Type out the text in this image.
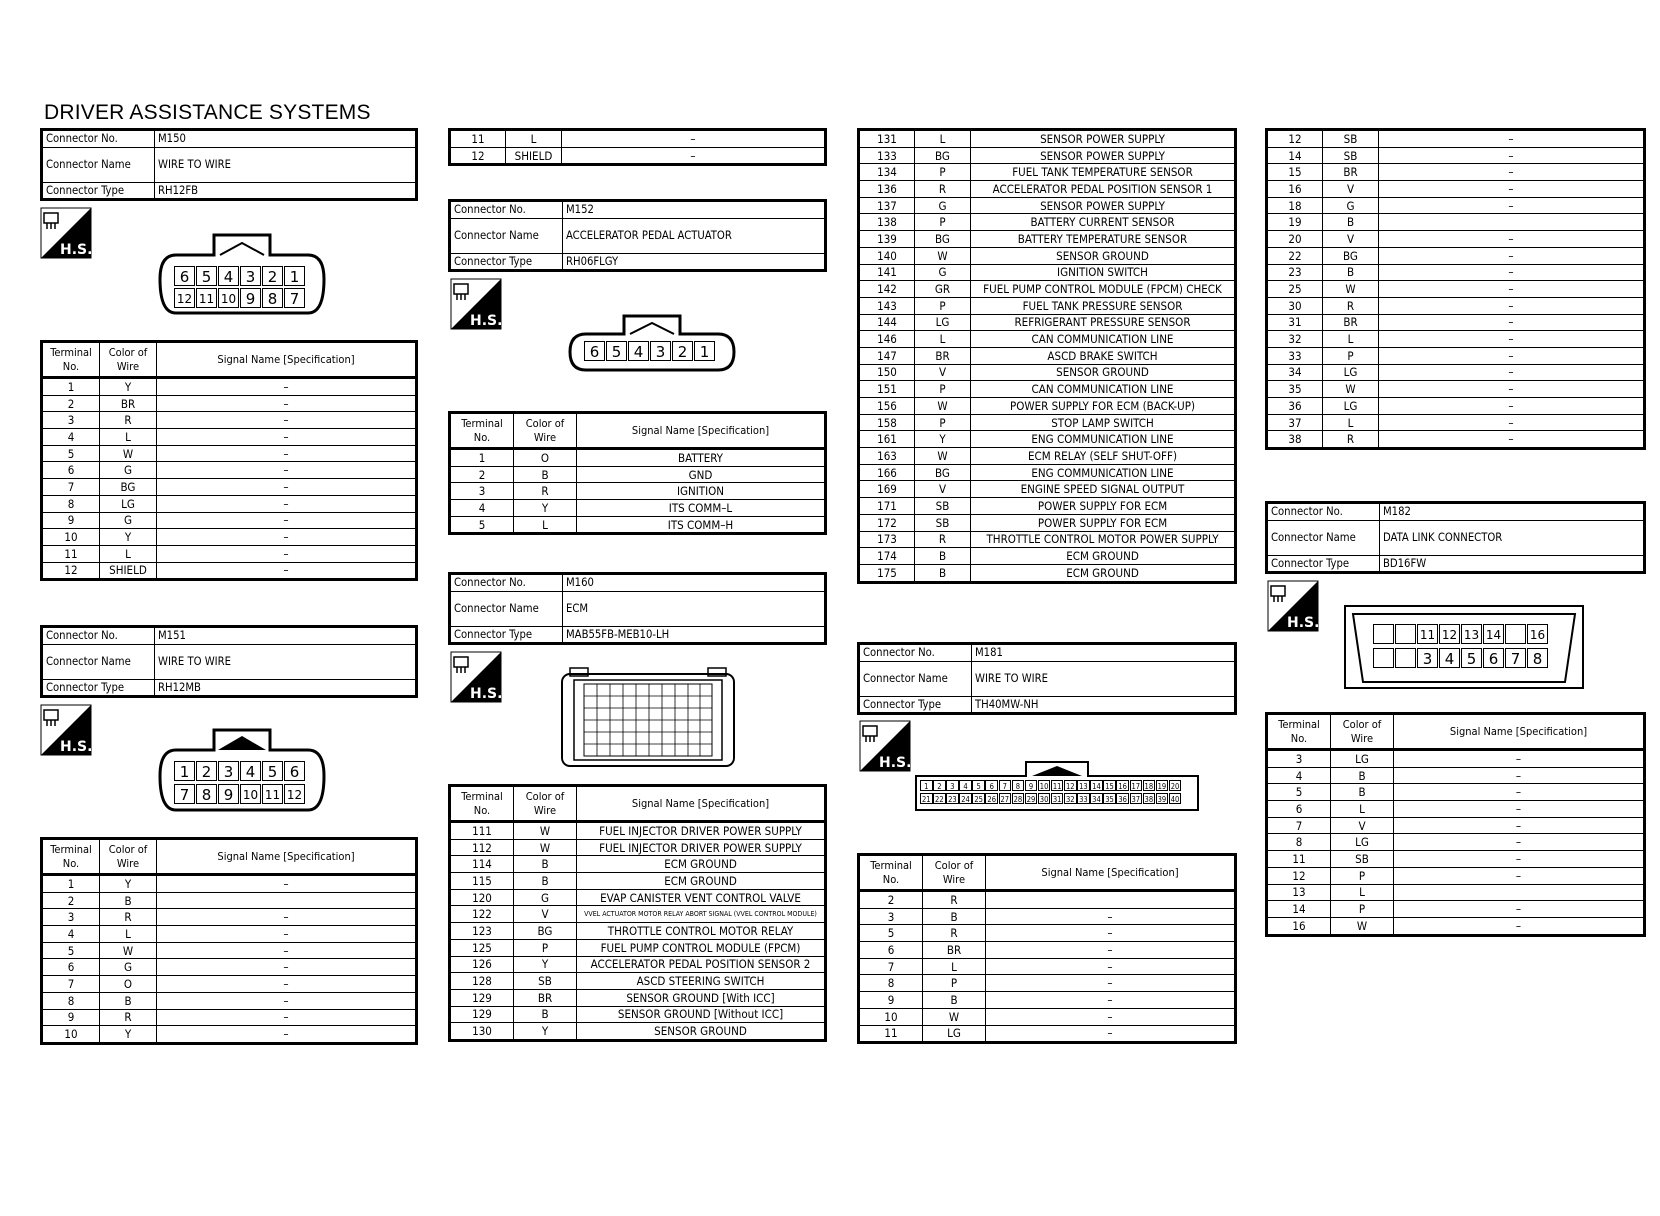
DRIVER ASSISTANCE SYSTEMS
Connector No.	M150
Connector Name	WIRE TO WIRE
Connector Type	RH12FB
H.S.
6 5 4 3 2 1
12 11 10 9 8 7
Terminal No.	Color of Wire	Signal Name [Specification]
1	Y	–
2	BR	–
3	R	–
4	L	–
5	W	–
6	G	–
7	BG	–
8	LG	–
9	G	–
10	Y	–
11	L	–
12	SHIELD	–
Connector No.	M151
Connector Name	WIRE TO WIRE
Connector Type	RH12MB
H.S.
1 2 3 4 5 6
7 8 9 10 11 12
Terminal No.	Color of Wire	Signal Name [Specification]
1	Y	–
2	B	
3	R	–
4	L	–
5	W	–
6	G	–
7	O	–
8	B	–
9	R	–
10	Y	–
11	L	–
12	SHIELD	–
Connector No.	M152
Connector Name	ACCELERATOR PEDAL ACTUATOR
Connector Type	RH06FLGY
H.S.
6 5 4 3 2 1
Terminal No.	Color of Wire	Signal Name [Specification]
1	O	BATTERY
2	B	GND
3	R	IGNITION
4	Y	ITS COMM–L
5	L	ITS COMM–H
Connector No.	M160
Connector Name	ECM
Connector Type	MAB55FB-MEB10-LH
H.S.
Terminal No.	Color of Wire	Signal Name [Specification]
111	W	FUEL INJECTOR DRIVER POWER SUPPLY
112	W	FUEL INJECTOR DRIVER POWER SUPPLY
114	B	ECM GROUND
115	B	ECM GROUND
120	G	EVAP CANISTER VENT CONTROL VALVE
122	V	VVEL ACTUATOR MOTOR RELAY ABORT SIGNAL (VVEL CONTROL MODULE)
123	BG	THROTTLE CONTROL MOTOR RELAY
125	P	FUEL PUMP CONTROL MODULE (FPCM)
126	Y	ACCELERATOR PEDAL POSITION SENSOR 2
128	SB	ASCD STEERING SWITCH
129	BR	SENSOR GROUND [With ICC]
129	B	SENSOR GROUND [Without ICC]
130	Y	SENSOR GROUND
131	L	SENSOR POWER SUPPLY
133	BG	SENSOR POWER SUPPLY
134	P	FUEL TANK TEMPERATURE SENSOR
136	R	ACCELERATOR PEDAL POSITION SENSOR 1
137	G	SENSOR POWER SUPPLY
138	P	BATTERY CURRENT SENSOR
139	BG	BATTERY TEMPERATURE SENSOR
140	W	SENSOR GROUND
141	G	IGNITION SWITCH
142	GR	FUEL PUMP CONTROL MODULE (FPCM) CHECK
143	P	FUEL TANK PRESSURE SENSOR
144	LG	REFRIGERANT PRESSURE SENSOR
146	L	CAN COMMUNICATION LINE
147	BR	ASCD BRAKE SWITCH
150	V	SENSOR GROUND
151	P	CAN COMMUNICATION LINE
156	W	POWER SUPPLY FOR ECM (BACK-UP)
158	P	STOP LAMP SWITCH
161	Y	ENG COMMUNICATION LINE
163	W	ECM RELAY (SELF SHUT-OFF)
166	BG	ENG COMMUNICATION LINE
169	V	ENGINE SPEED SIGNAL OUTPUT
171	SB	POWER SUPPLY FOR ECM
172	SB	POWER SUPPLY FOR ECM
173	R	THROTTLE CONTROL MOTOR POWER SUPPLY
174	B	ECM GROUND
175	B	ECM GROUND
Connector No.	M181
Connector Name	WIRE TO WIRE
Connector Type	TH40MW-NH
H.S.
1	2	3	4	5	6	7	8	9 10 11 12 13 14 15 16 17 18 19 20
21 22 23 24 25 26 27 28 29 30 31 32 33 34 35 36 37 38 39 40
Terminal No.	Color of Wire	Signal Name [Specification]
2	R	
3	B	–
5	R	–
6	BR	–
7	L	–
8	P	–
9	B	–
10	W	–
11	LG	–
12	SB	–
14	SB	–
15	BR	–
16	V	–
18	G	–
19	B	
20	V	–
22	BG	–
23	B	–
25	W	–
30	R	–
31	BR	–
32	L	–
33	P	–
34	LG	–
35	W	–
36	LG	–
37	L	–
38	R	–
Connector No.	M182
Connector Name	DATA LINK CONNECTOR
Connector Type	BD16FW
H.S.
11 12 13 14 16
3 4 5 6 7 8
Terminal No.	Color of Wire	Signal Name [Specification]
3	LG	–
4	B	–
5	B	–
6	L	–
7	V	–
8	LG	–
11	SB	–
12	P	–
13	L	
14	P	–
16	W	–
